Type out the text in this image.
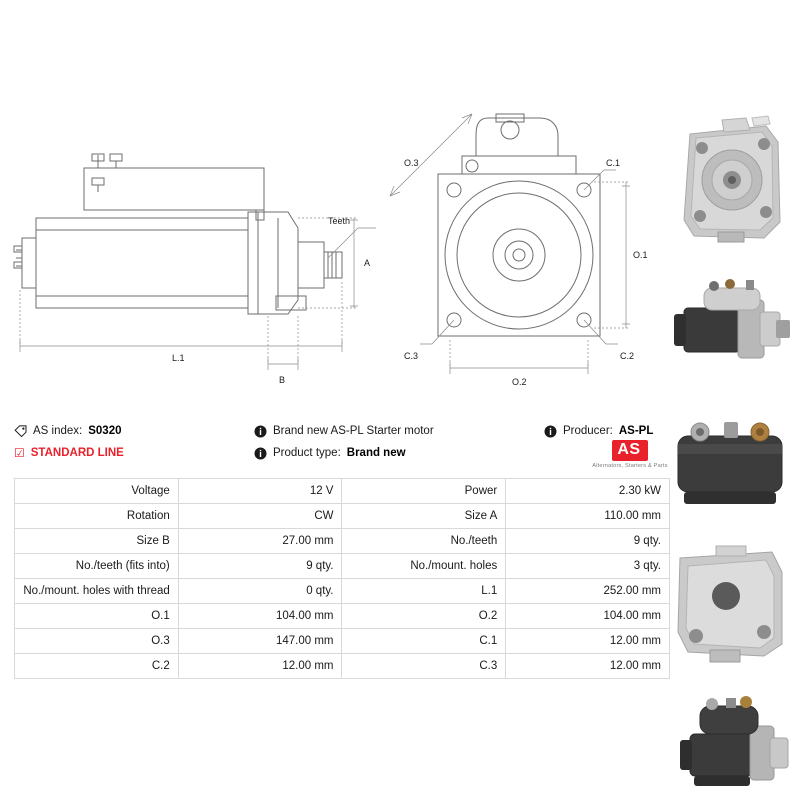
Teeth
A
L.1
B
O.3	C.1
O.1
C.3	C.2
O.2
AS index: S0320
☑ STANDARD LINE
Brand new AS-PL Starter motor
Product type: Brand new
Producer: AS-PL
AS
Alternators, Starters & Parts
Voltage	12 V	Power	2.30 kW
Rotation	CW	Size A	110.00 mm
Size B	27.00 mm	No./teeth	9 qty.
No./teeth (fits into)	9 qty.	No./mount. holes	3 qty.
No./mount. holes with thread	0 qty.	L.1	252.00 mm
O.1	104.00 mm	O.2	104.00 mm
O.3	147.00 mm	C.1	12.00 mm
C.2	12.00 mm	C.3	12.00 mm
